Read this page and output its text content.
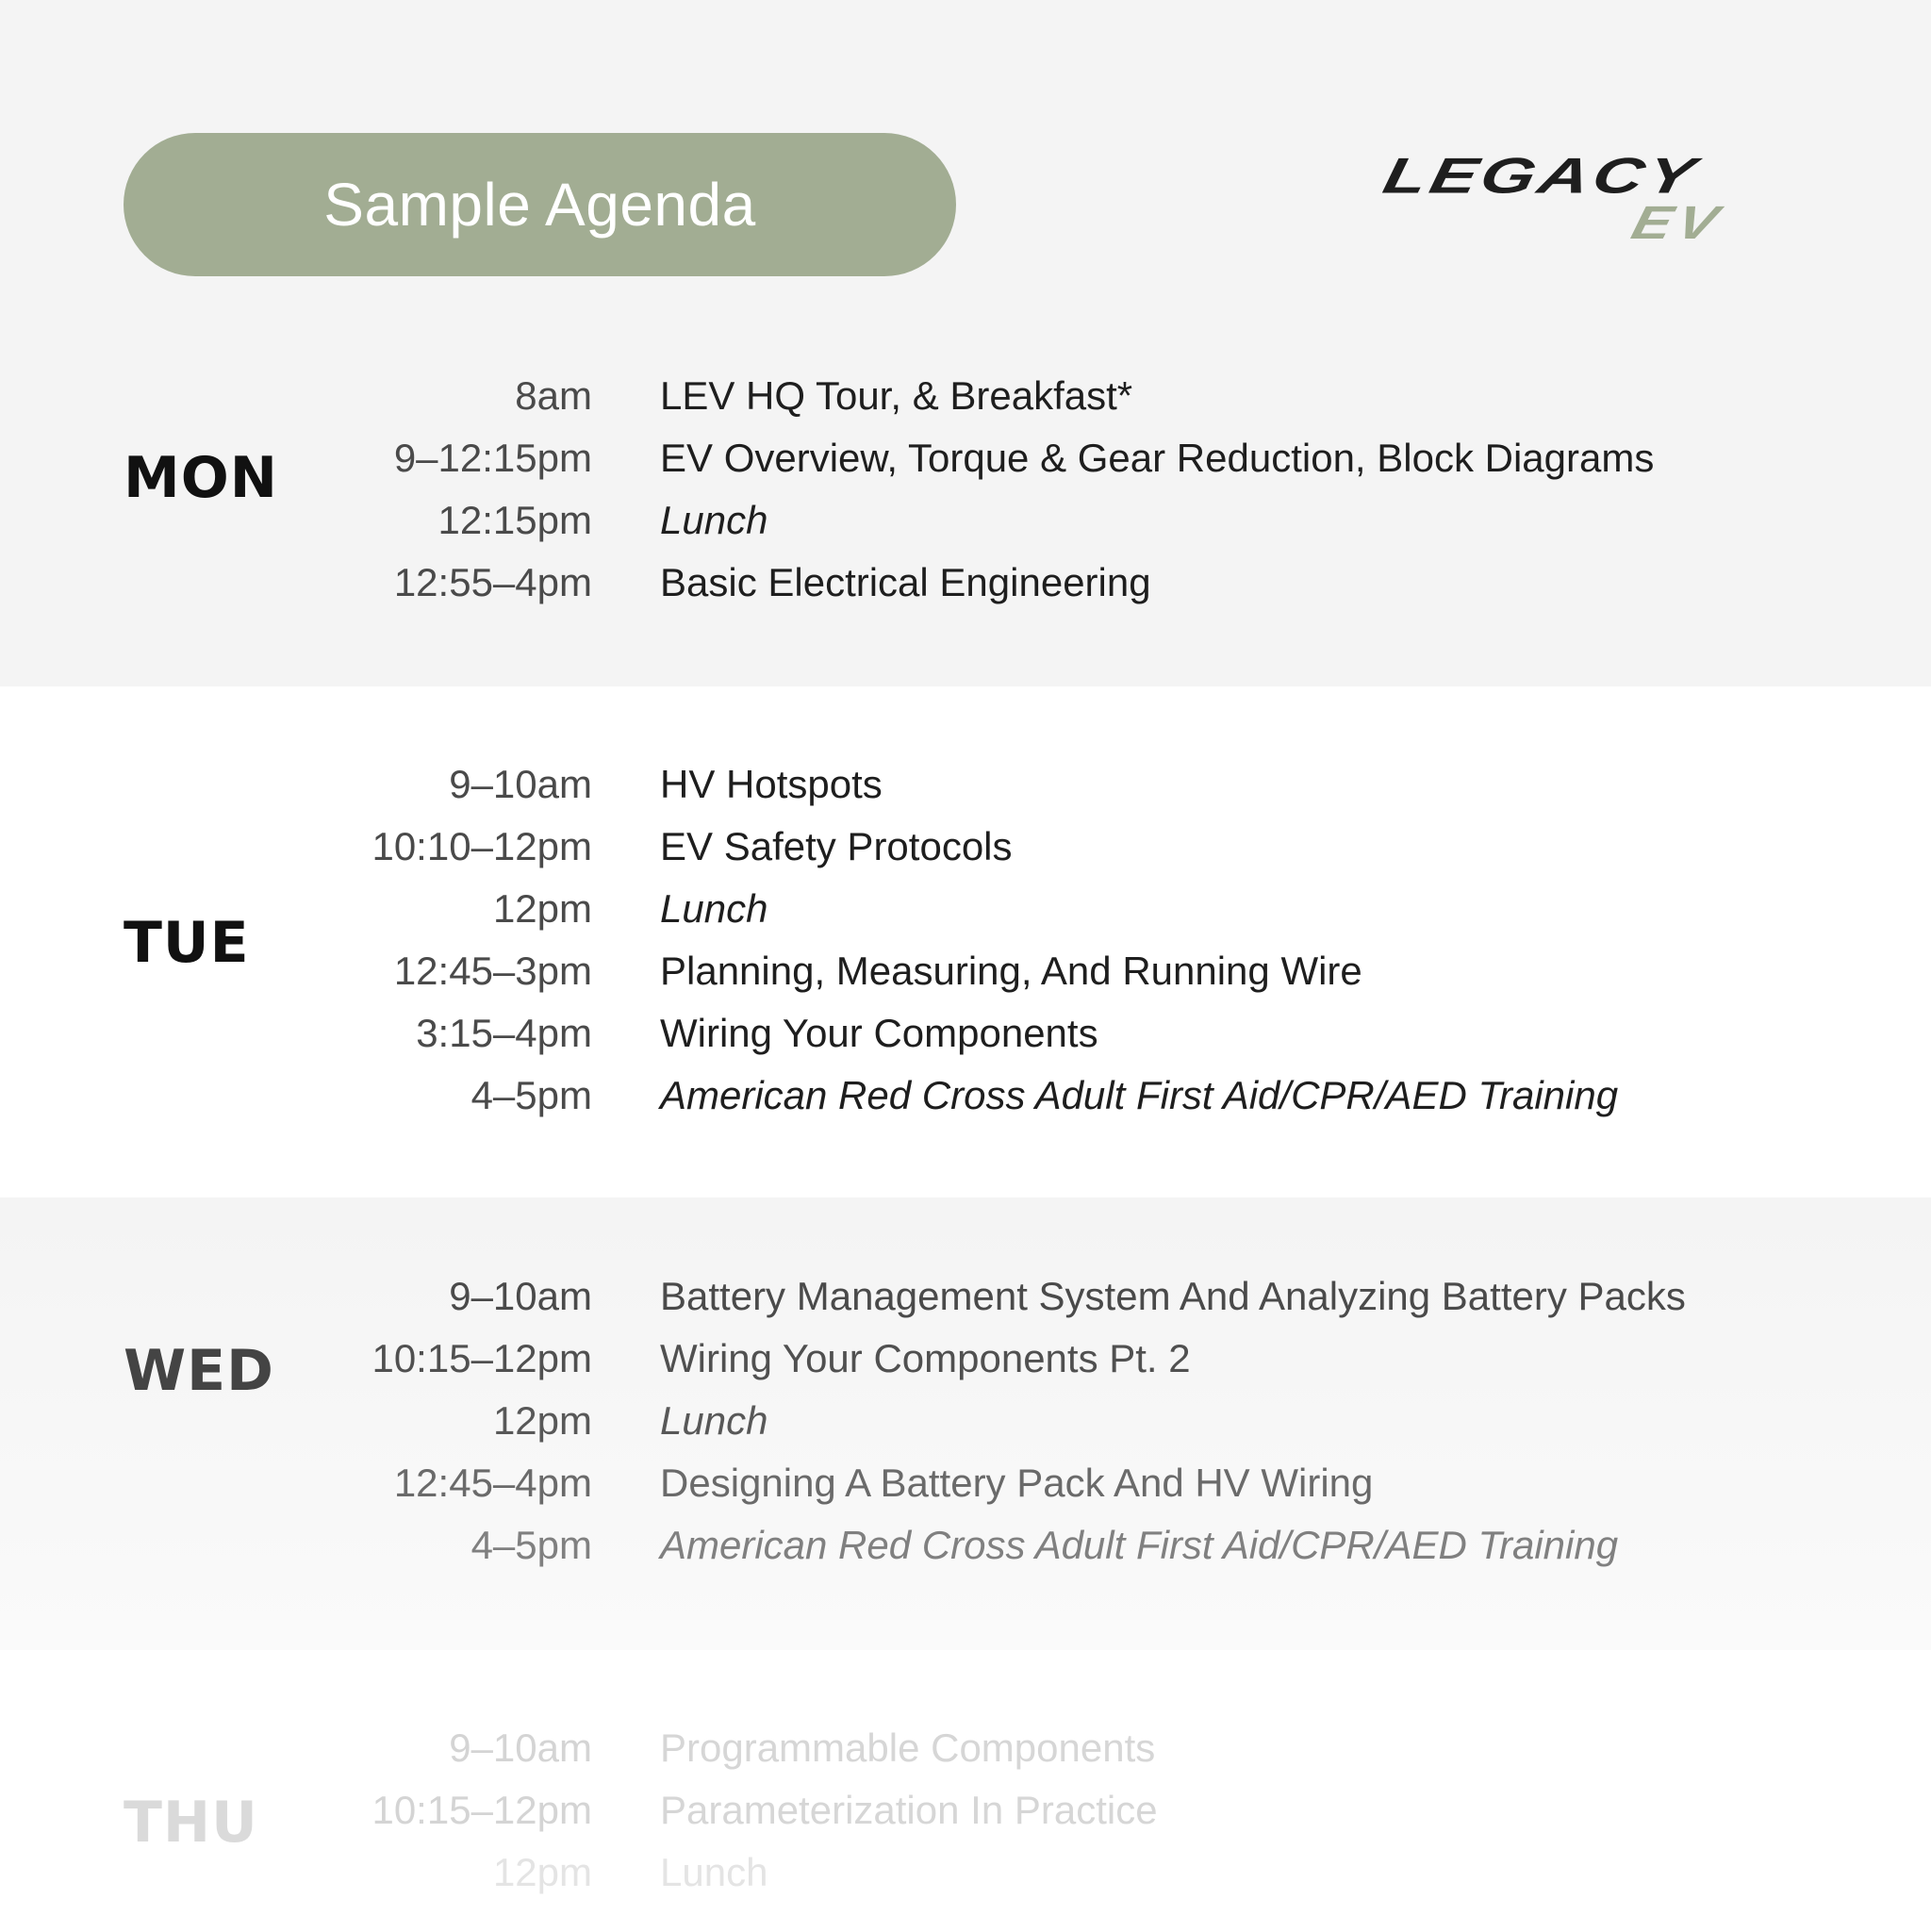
Sample Agenda	LEGACY
EV
MON
8am LEV HQ Tour, & Breakfast*
9–12:15pm EV Overview, Torque & Gear Reduction, Block Diagrams
12:15pm Lunch
12:55–4pm Basic Electrical Engineering
TUE
9–10am HV Hotspots
10:10–12pm EV Safety Protocols
12pm Lunch
12:45–3pm Planning, Measuring, And Running Wire
3:15–4pm Wiring Your Components
4–5pm American Red Cross Adult First Aid/CPR/AED Training
WED
9–10am Battery Management System And Analyzing Battery Packs
10:15–12pm Wiring Your Components Pt. 2
12pm Lunch
12:45–4pm Designing A Battery Pack And HV Wiring
4–5pm American Red Cross Adult First Aid/CPR/AED Training
THU
9–10am Programmable Components
10:15–12pm Parameterization In Practice
12pm Lunch
